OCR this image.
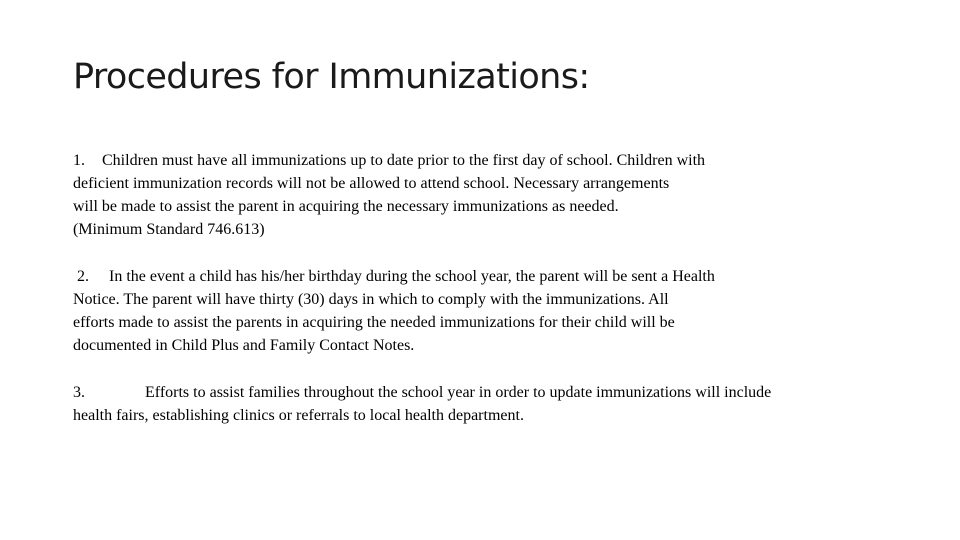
Procedures for Immunizations:
1. Children must have all immunizations up to date prior to the first day of school. Children with
deficient immunization records will not be allowed to attend school. Necessary arrangements
will be made to assist the parent in acquiring the necessary immunizations as needed.
(Minimum Standard 746.613)
2. In the event a child has his/her birthday during the school year, the parent will be sent a Health
Notice. The parent will have thirty (30) days in which to comply with the immunizations. All
efforts made to assist the parents in acquiring the needed immunizations for their child will be
documented in Child Plus and Family Contact Notes.
3.	Efforts to assist families throughout the school year in order to update immunizations will include
health fairs, establishing clinics or referrals to local health department.
